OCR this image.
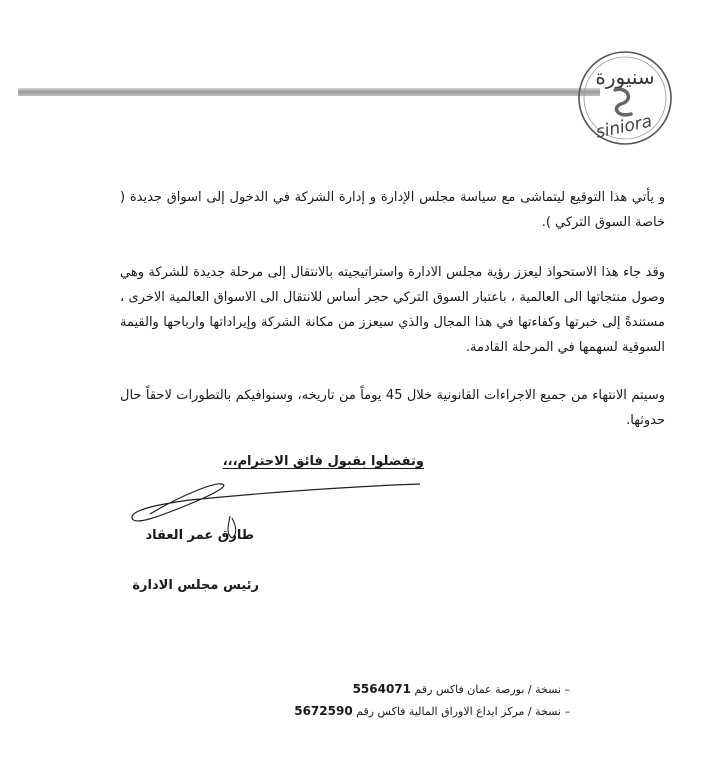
سنيورة
siniora

و يأتي هذا التوقيع ليتماشى مع سياسة مجلس الإدارة و إدارة الشركة في الدخول إلى اسواق جديدة ( خاصة السوق التركي ).

وقد جاء هذا الاستحواذ ليعزز رؤية مجلس الادارة واستراتيجيته بالانتقال إلى مرحلة جديدة للشركة وهي وصول منتجاتها الى العالمية ، باعتبار السوق التركي حجر أساس للانتقال الى الاسواق العالمية الاخرى ، مستندةً إلى خبرتها وكفاءتها في هذا المجال والذي سيعزز من مكانة الشركة وإيراداتها وارباحها والقيمة السوقية لسهمها في المرحلة القادمة.

وسيتم الانتهاء من جميع الاجراءات القانونية خلال 45 يوماً من تاريخه، وسنوافيكم بالتطورات لاحقاً حال حدوثها.

وتفضلوا بقبول فائق الاحترام،،،
طارق عمر العقاد
رئيس مجلس الادارة
– نسخة / بورصة عمان فاكس رقم 5564071
– نسخة / مركز ايداع الاوراق المالية فاكس رقم 5672590
